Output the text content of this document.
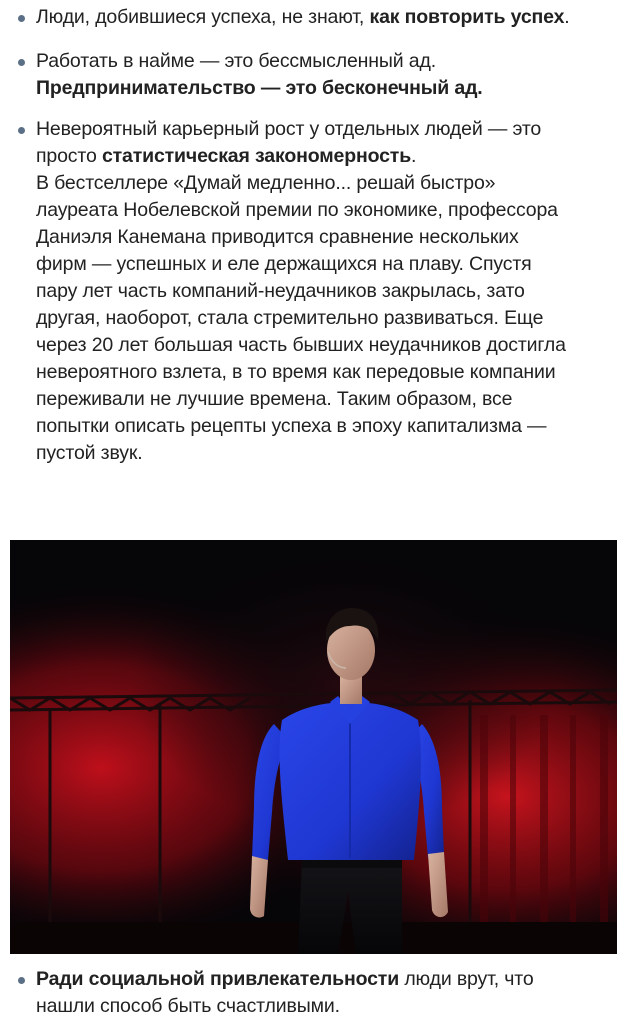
Люди, добившиеся успеха, не знают, как повторить успех.
Работать в найме — это бессмысленный ад.
Предпринимательство — это бесконечный ад.
Невероятный карьерный рост у отдельных людей — это
просто статистическая закономерность.
В бестселлере «Думай медленно... решай быстро»
лауреата Нобелевской премии по экономике, профессора
Даниэля Канемана приводится сравнение нескольких
фирм — успешных и еле держащихся на плаву. Спустя
пару лет часть компаний-неудачников закрылась, зато
другая, наоборот, стала стремительно развиваться. Еще
через 20 лет большая часть бывших неудачников достигла
невероятного взлета, в то время как передовые компании
переживали не лучшие времена. Таким образом, все
попытки описать рецепты успеха в эпоху капитализма —
пустой звук.
Ради социальной привлекательности люди врут, что
нашли способ быть счастливыми.
